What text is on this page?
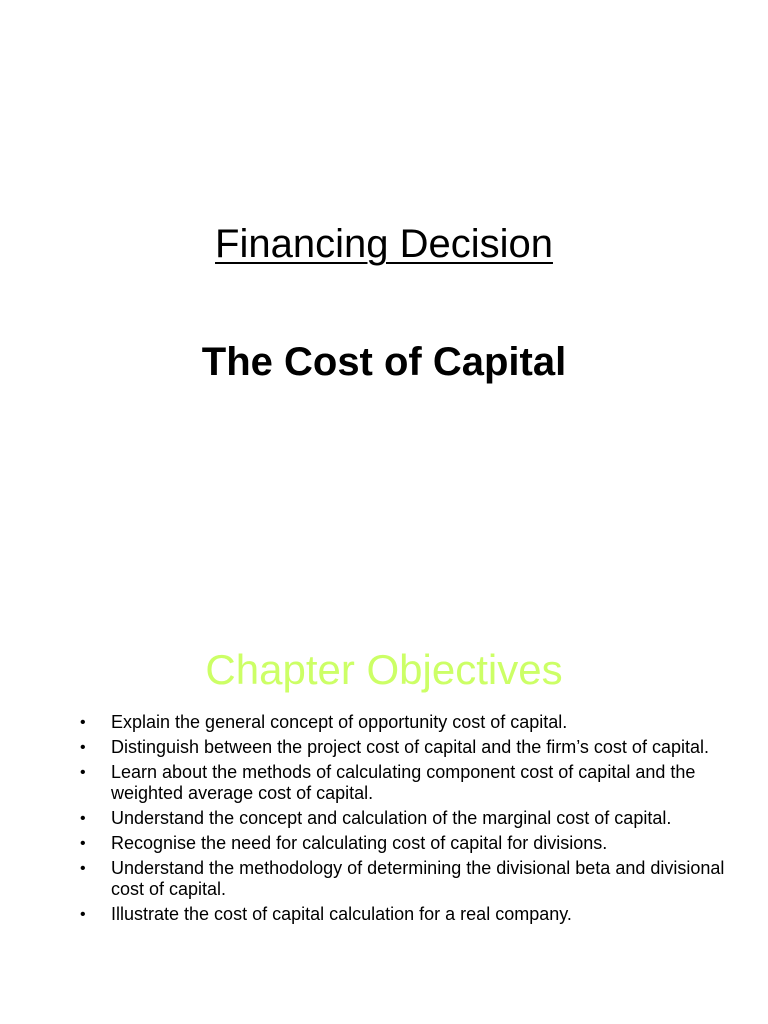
Financing Decision
The Cost of Capital
Chapter Objectives
• Explain the general concept of opportunity cost of capital.
• Distinguish between the project cost of capital and the firm’s cost of capital.
• Learn about the methods of calculating component cost of capital and the weighted average cost of capital.
• Understand the concept and calculation of the marginal cost of capital.
• Recognise the need for calculating cost of capital for divisions.
• Understand the methodology of determining the divisional beta and divisional cost of capital.
• Illustrate the cost of capital calculation for a real company.
